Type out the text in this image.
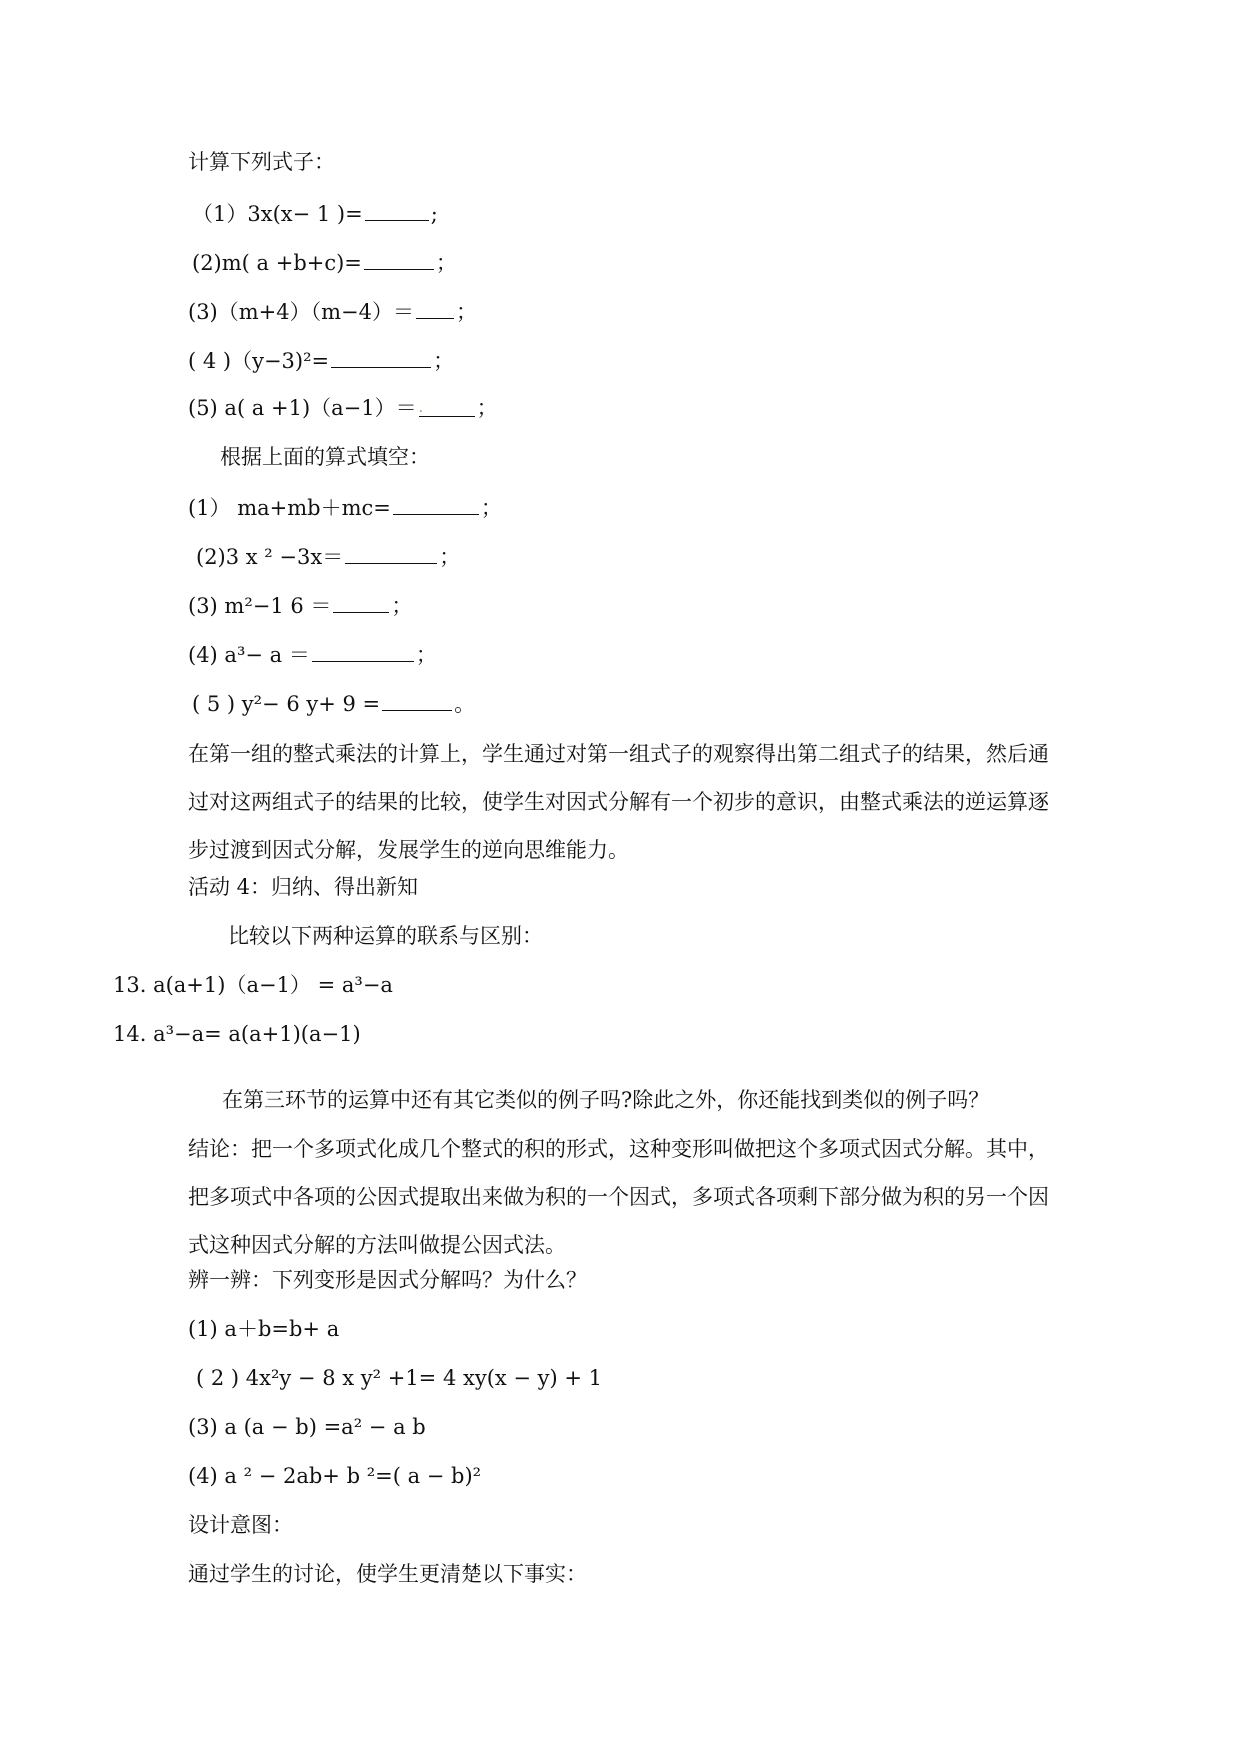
计算下列式子：
（1）3x(x− 1 )=	;
(2)m( a +b+c)=	；
(3)（m+4）（m−4）＝ ；
( 4 )（y−3)²=	；
(5) a( a +1)（a−1）＝ .	；
根据上面的算式填空：
(1） ma+mb＋mc=	；
(2)3 x ² −3x＝	；
(3) m²−1 6 ＝	；
(4) a³− a ＝	；
( 5 ) y²− 6 y+ 9 =	。
在第一组的整式乘法的计算上，学生通过对第一组式子的观察得出第二组式子的结果，然后通过对这两组式子的结果的比较，使学生对因式分解有一个初步的意识，由整式乘法的逆运算逐步过渡到因式分解，发展学生的逆向思维能力。
活动 4：归纳、得出新知
比较以下两种运算的联系与区别：
13. a(a+1)（a−1） = a³−a
14. a³−a= a(a+1)(a−1)
在第三环节的运算中还有其它类似的例子吗?除此之外，你还能找到类似的例子吗？
结论：把一个多项式化成几个整式的积的形式，这种变形叫做把这个多项式因式分解。其中，把多项式中各项的公因式提取出来做为积的一个因式，多项式各项剩下部分做为积的另一个因式这种因式分解的方法叫做提公因式法。
辨一辨：下列变形是因式分解吗？为什么？
(1) a＋b=b+ a
( 2 ) 4x²y − 8 x y² +1= 4 xy(x − y) + 1
(3) a (a − b) =a² − a b
(4) a ² − 2ab+ b ²=( a − b)²
设计意图：
通过学生的讨论，使学生更清楚以下事实：
